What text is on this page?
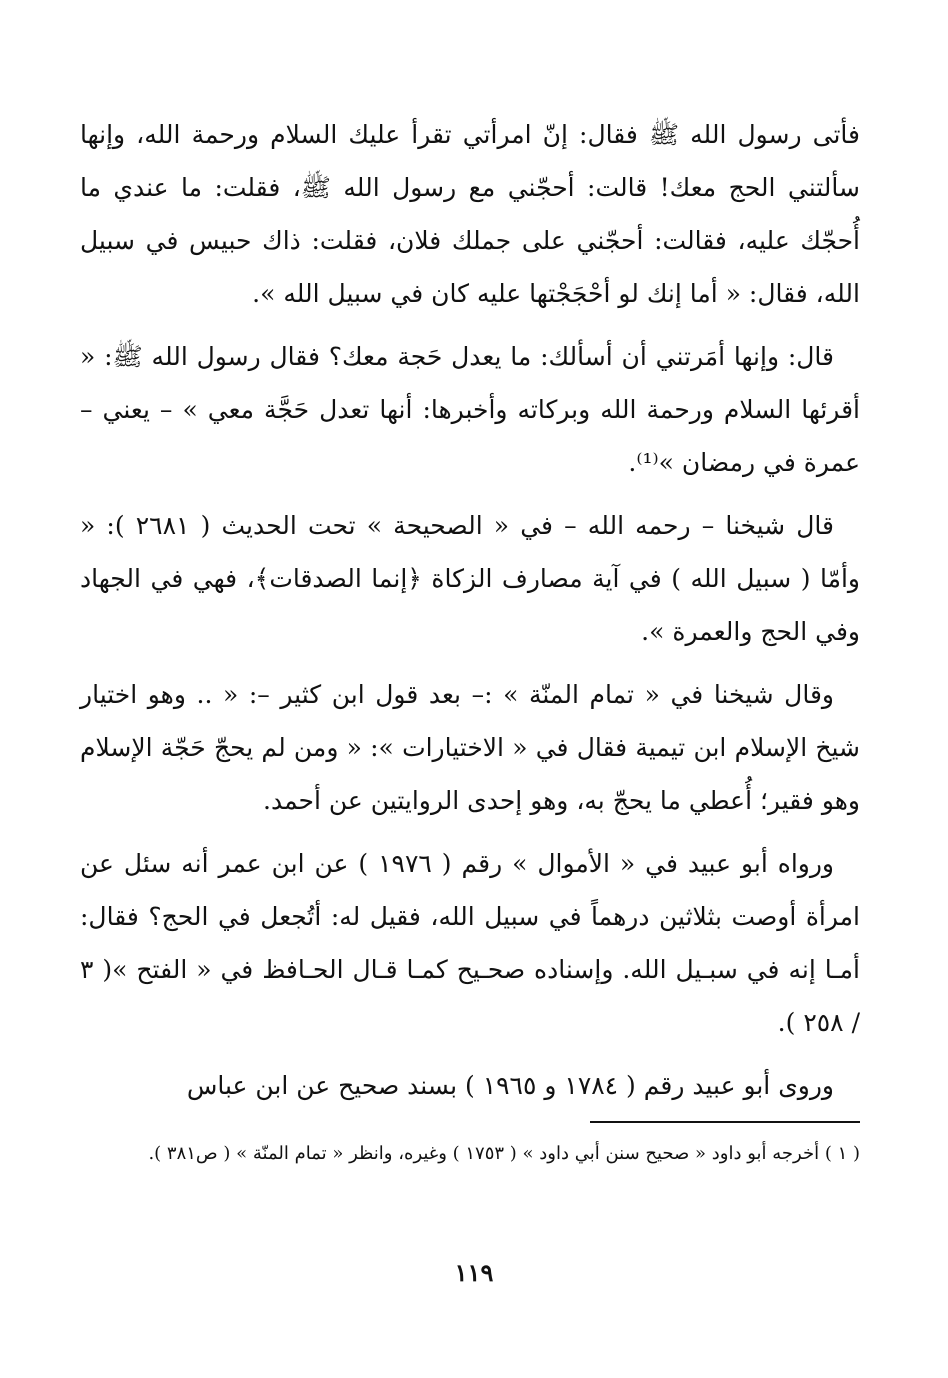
فأتى رسول الله ﷺ فقال: إنّ امرأتي تقرأ عليك السلام ورحمة الله، وإنها سألتني الحج معك! قالت: أحجّني مع رسول الله ﷺ، فقلت: ما عندي ما أُحجّك عليه، فقالت: أحجّني على جملك فلان، فقلت: ذاك حبيس في سبيل الله، فقال: « أما إنك لو أحْجَجْتها عليه كان في سبيل الله ».

قال: وإنها أمَرتني أن أسألك: ما يعدل حَجة معك؟ فقال رسول الله ﷺ: « أقرئها السلام ورحمة الله وبركاته وأخبرها: أنها تعدل حَجَّة معي » – يعني – عمرة في رمضان »⁽¹⁾.

قال شيخنا – رحمه الله – في « الصحيحة » تحت الحديث ( ٢٦٨١ ): « وأمّا ( سبيل الله ) في آية مصارف الزكاة ﴿إنما الصدقات﴾، فهي في الجهاد وفي الحج والعمرة ».

وقال شيخنا في « تمام المنّة » :– بعد قول ابن كثير –: « .. وهو اختيار شيخ الإسلام ابن تيمية فقال في « الاختيارات »: « ومن لم يحجّ حَجّة الإسلام وهو فقير؛ أُعطي ما يحجّ به، وهو إحدى الروايتين عن أحمد.

ورواه أبو عبيد في « الأموال » رقم ( ١٩٧٦ ) عن ابن عمر أنه سئل عن امرأة أوصت بثلاثين درهماً في سبيل الله، فقيل له: أتُجعل في الحج؟ فقال: أمـا إنه في سبـيل الله. وإسناده صحـيح كمـا قـال الحـافظ في « الفتح »( ٣ / ٢٥٨ ).

وروى أبو عبيد رقم ( ١٧٨٤ و ١٩٦٥ ) بسند صحيح عن ابن عباس

( ١ ) أخرجه أبو داود « صحيح سنن أبي داود » ( ١٧٥٣ ) وغيره، وانظر « تمام المنّة » ( ص٣٨١ ).
١١٩
